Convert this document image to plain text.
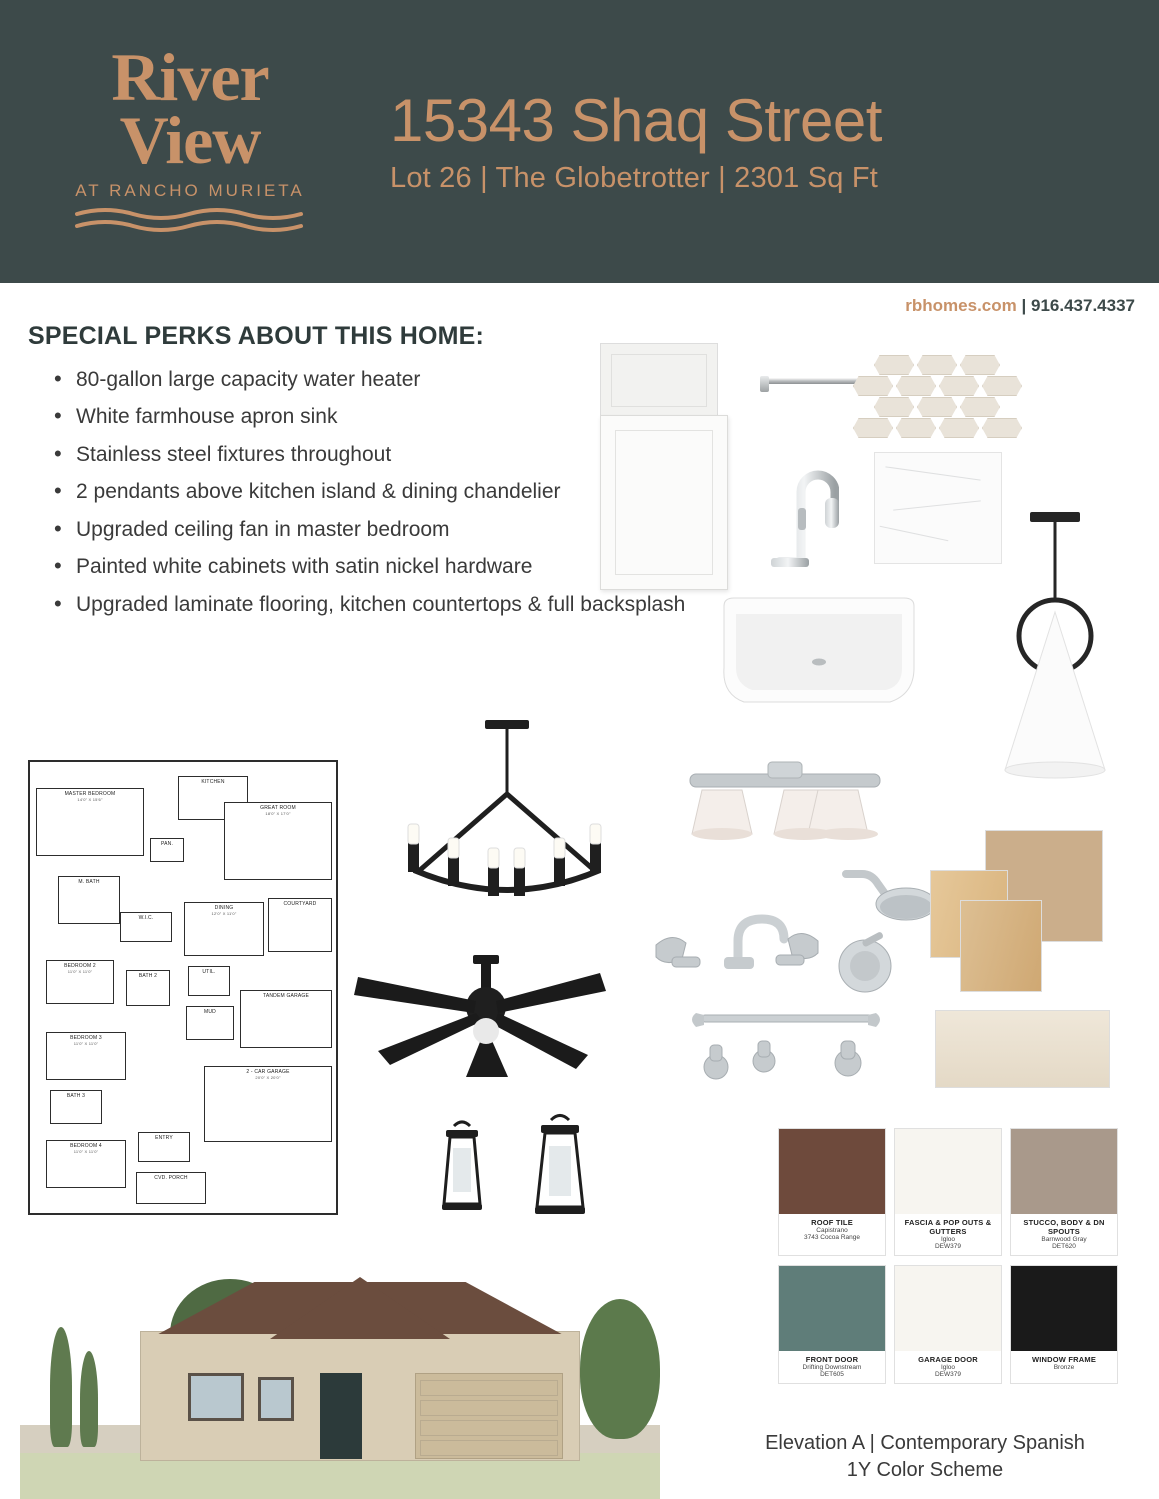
River
View
AT RANCHO MURIETA
15343 Shaq Street
Lot 26 | The Globetrotter | 2301 Sq Ft
rbhomes.com | 916.437.4337
SPECIAL PERKS ABOUT THIS HOME:
• 80-gallon large capacity water heater
• White farmhouse apron sink
• Stainless steel fixtures throughout
• 2 pendants above kitchen island & dining chandelier
• Upgraded ceiling fan in master bedroom
• Painted white cabinets with satin nickel hardware
• Upgraded laminate flooring, kitchen countertops & full backsplash
MASTER BEDROOM
14'0" X 15'6"
KITCHEN
GREAT ROOM
18'0" X 17'0"
PAN.
M. BATH
W.I.C.
DINING
12'0" X 11'0"
COURTYARD
BEDROOM 2
11'0" X 11'0"
BATH 2
UTIL.
MUD
TANDEM GARAGE
BEDROOM 3
11'0" X 11'0"
2 - CAR GARAGE
20'0" X 20'0"
BATH 3
BEDROOM 4
11'0" X 11'0"
ENTRY
CVD. PORCH
ROOF TILE
Capistrano
3743 Cocoa Range
FASCIA & POP OUTS & GUTTERS
Igloo
DEW379
STUCCO, BODY & DN SPOUTS
Barnwood Gray
DET620
FRONT DOOR
Drifting Downstream
DET605
GARAGE DOOR
Igloo
DEW379
WINDOW FRAME
Bronze
Elevation A | Contemporary Spanish
1Y Color Scheme
